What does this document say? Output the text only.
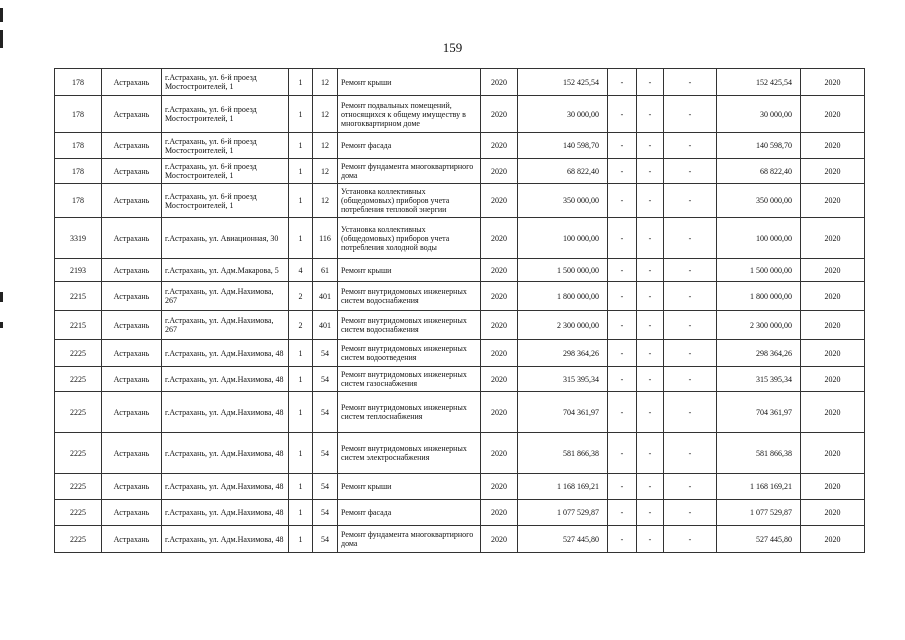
159
178	Астрахань	г.Астрахань, ул. 6-й проезд Мостостроителей, 1	1	12	Ремонт крыши	2020	152 425,54	-	-	-	152 425,54	2020
178	Астрахань	г.Астрахань, ул. 6-й проезд Мостостроителей, 1	1	12	Ремонт подвальных помещений, относящихся к общему имуществу в многоквартирном доме	2020	30 000,00	-	-	-	30 000,00	2020
178	Астрахань	г.Астрахань, ул. 6-й проезд Мостостроителей, 1	1	12	Ремонт фасада	2020	140 598,70	-	-	-	140 598,70	2020
178	Астрахань	г.Астрахань, ул. 6-й проезд Мостостроителей, 1	1	12	Ремонт фундамента многоквартирного дома	2020	68 822,40	-	-	-	68 822,40	2020
178	Астрахань	г.Астрахань, ул. 6-й проезд Мостостроителей, 1	1	12	Установка коллективных (общедомовых) приборов учета потребления тепловой энергии	2020	350 000,00	-	-	-	350 000,00	2020
3319	Астрахань	г.Астрахань, ул. Авиационная, 30	1	116	Установка коллективных (общедомовых) приборов учета потребления холодной воды	2020	100 000,00	-	-	-	100 000,00	2020
2193	Астрахань	г.Астрахань, ул. Адм.Макарова, 5	4	61	Ремонт крыши	2020	1 500 000,00	-	-	-	1 500 000,00	2020
2215	Астрахань	г.Астрахань, ул. Адм.Нахимова, 267	2	401	Ремонт внутридомовых инженерных систем водоснабжения	2020	1 800 000,00	-	-	-	1 800 000,00	2020
2215	Астрахань	г.Астрахань, ул. Адм.Нахимова, 267	2	401	Ремонт внутридомовых инженерных систем водоснабжения	2020	2 300 000,00	-	-	-	2 300 000,00	2020
2225	Астрахань	г.Астрахань, ул. Адм.Нахимова, 48	1	54	Ремонт внутридомовых инженерных систем водоотведения	2020	298 364,26	-	-	-	298 364,26	2020
2225	Астрахань	г.Астрахань, ул. Адм.Нахимова, 48	1	54	Ремонт внутридомовых инженерных систем газоснабжения	2020	315 395,34	-	-	-	315 395,34	2020
2225	Астрахань	г.Астрахань, ул. Адм.Нахимова, 48	1	54	Ремонт внутридомовых инженерных систем теплоснабжения	2020	704 361,97	-	-	-	704 361,97	2020
2225	Астрахань	г.Астрахань, ул. Адм.Нахимова, 48	1	54	Ремонт внутридомовых инженерных систем электроснабжения	2020	581 866,38	-	-	-	581 866,38	2020
2225	Астрахань	г.Астрахань, ул. Адм.Нахимова, 48	1	54	Ремонт крыши	2020	1 168 169,21	-	-	-	1 168 169,21	2020
2225	Астрахань	г.Астрахань, ул. Адм.Нахимова, 48	1	54	Ремонт фасада	2020	1 077 529,87	-	-	-	1 077 529,87	2020
2225	Астрахань	г.Астрахань, ул. Адм.Нахимова, 48	1	54	Ремонт фундамента многоквартирного дома	2020	527 445,80	-	-	-	527 445,80	2020
